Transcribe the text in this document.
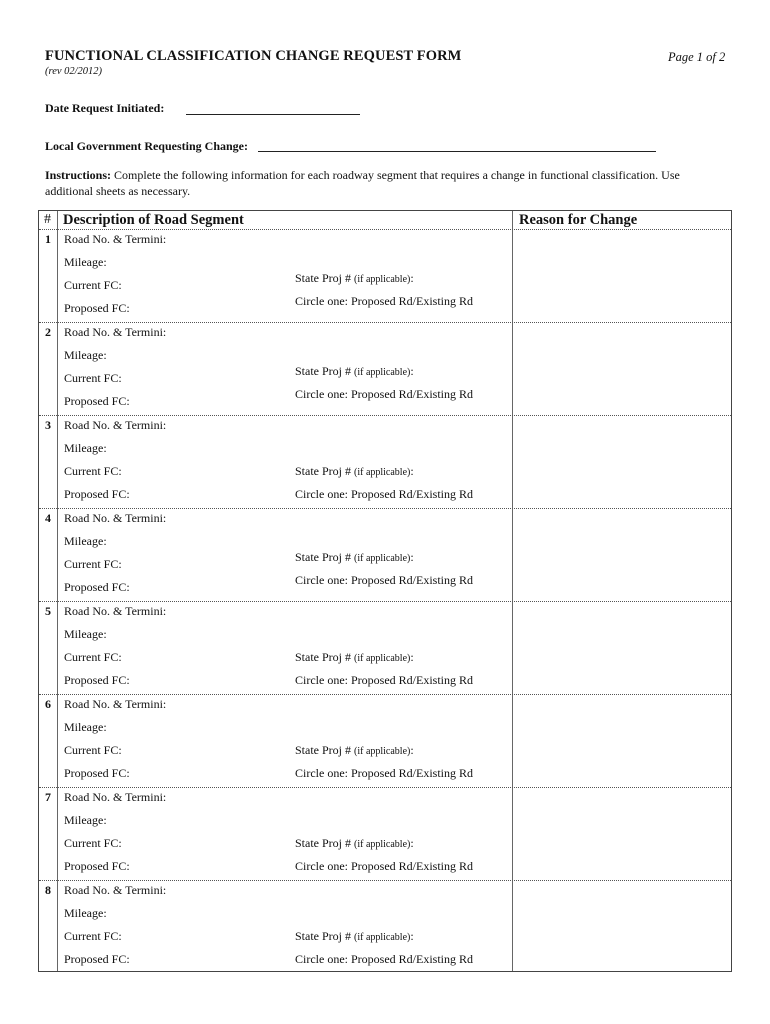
FUNCTIONAL CLASSIFICATION CHANGE REQUEST FORM	Page 1 of 2
(rev 02/2012)
Date Request Initiated:
Local Government Requesting Change:
Instructions: Complete the following information for each roadway segment that requires a change in functional classification. Use additional sheets as necessary.
# Description of Road Segment	Reason for Change
1 Road No. & Termini:
Mileage:
Current FC:
Proposed FC:
State Proj # (if applicable):
Circle one: Proposed Rd/Existing Rd
2 Road No. & Termini:
Mileage:
Current FC:
Proposed FC:
State Proj # (if applicable):
Circle one: Proposed Rd/Existing Rd
3 Road No. & Termini:
Mileage:
Current FC:
Proposed FC:
State Proj # (if applicable):
Circle one: Proposed Rd/Existing Rd
4 Road No. & Termini:
Mileage:
Current FC:
Proposed FC:
State Proj # (if applicable):
Circle one: Proposed Rd/Existing Rd
5 Road No. & Termini:
Mileage:
Current FC:
Proposed FC:
State Proj # (if applicable):
Circle one: Proposed Rd/Existing Rd
6 Road No. & Termini:
Mileage:
Current FC:
Proposed FC:
State Proj # (if applicable):
Circle one: Proposed Rd/Existing Rd
7 Road No. & Termini:
Mileage:
Current FC:
Proposed FC:
State Proj # (if applicable):
Circle one: Proposed Rd/Existing Rd
8 Road No. & Termini:
Mileage:
Current FC:
Proposed FC:
State Proj # (if applicable):
Circle one: Proposed Rd/Existing Rd
